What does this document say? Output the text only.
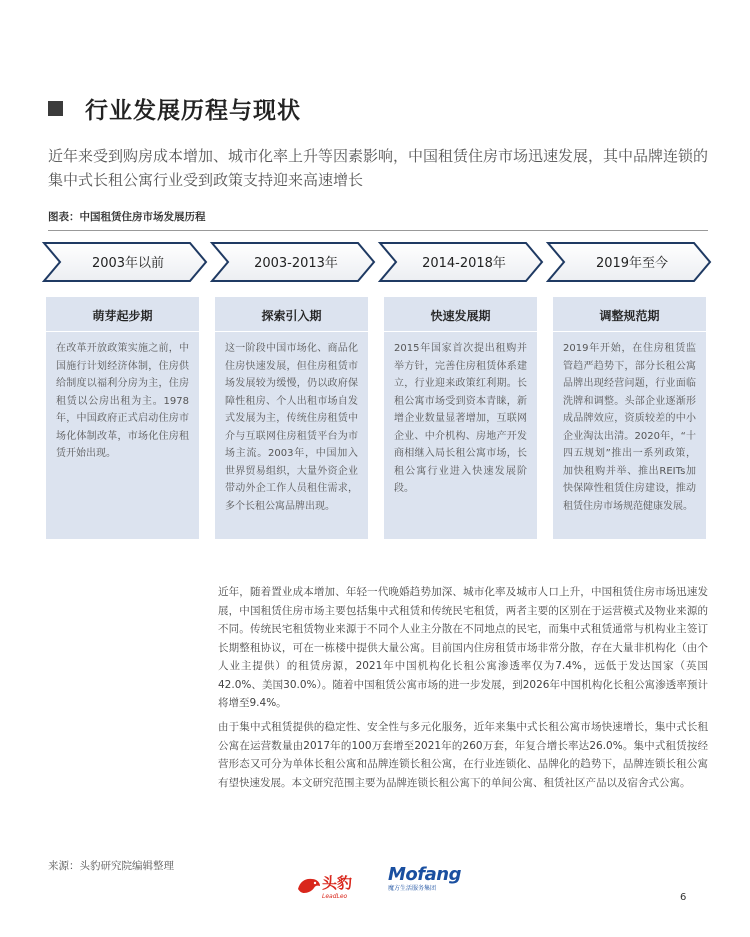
行业发展历程与现状
近年来受到购房成本增加、城市化率上升等因素影响，中国租赁住房市场迅速发展，其中品牌连锁的集中式长租公寓行业受到政策支持迎来高速增长
图表：中国租赁住房市场发展历程
2003年以前	2003-2013年	2014-2018年	2019年至今
萌芽起步期
在改革开放政策实施之前，中国施行计划经济体制，住房供给制度以福利分房为主，住房租赁以公房出租为主。1978年，中国政府正式启动住房市场化体制改革，市场化住房租赁开始出现。
探索引入期
这一阶段中国市场化、商品化住房快速发展，但住房租赁市场发展较为缓慢，仍以政府保障性租房、个人出租市场自发式发展为主，传统住房租赁中介与互联网住房租赁平台为市场主流。2003年，中国加入世界贸易组织，大量外资企业带动外企工作人员租住需求，多个长租公寓品牌出现。
快速发展期
2015年国家首次提出租购并举方针，完善住房租赁体系建立，行业迎来政策红利期。长租公寓市场受到资本青睐，新增企业数量显著增加，互联网企业、中介机构、房地产开发商相继入局长租公寓市场，长租公寓行业进入快速发展阶段。
调整规范期
2019年开始，在住房租赁监管趋严趋势下，部分长租公寓品牌出现经营问题，行业面临洗牌和调整。头部企业逐渐形成品牌效应，资质较差的中小企业淘汰出清。2020年，“十四五规划”推出一系列政策，加快租购并举、推出REITs加快保障性租赁住房建设，推动租赁住房市场规范健康发展。
近年，随着置业成本增加、年轻一代晚婚趋势加深、城市化率及城市人口上升，中国租赁住房市场迅速发展，中国租赁住房市场主要包括集中式租赁和传统民宅租赁，两者主要的区别在于运营模式及物业来源的不同。传统民宅租赁物业来源于不同个人业主分散在不同地点的民宅，而集中式租赁通常与机构业主签订长期整租协议，可在一栋楼中提供大量公寓。目前国内住房租赁市场非常分散，存在大量非机构化（由个人业主提供）的租赁房源，2021年中国机构化长租公寓渗透率仅为7.4%，远低于发达国家（英国42.0%、美国30.0%）。随着中国租赁公寓市场的进一步发展，到2026年中国机构化长租公寓渗透率预计将增至9.4%。
由于集中式租赁提供的稳定性、安全性与多元化服务，近年来集中式长租公寓市场快速增长，集中式长租公寓在运营数量由2017年的100万套增至2021年的260万套，年复合增长率达26.0%。集中式租赁按经营形态又可分为单体长租公寓和品牌连锁长租公寓，在行业连锁化、品牌化的趋势下，品牌连锁长租公寓有望快速发展。本文研究范围主要为品牌连锁长租公寓下的单间公寓、租赁社区产品以及宿舍式公寓。
来源：头豹研究院编辑整理
头豹
LeadLeo
Mofang
魔方生活服务集团
6
